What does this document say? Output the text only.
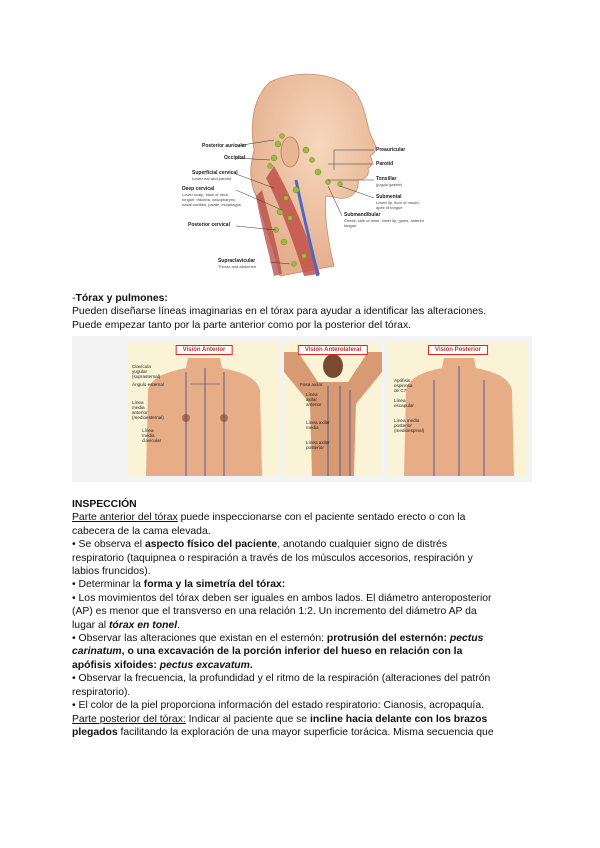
Posterior auricular
Occipital
Superficial cervical
Lower ear and parotid
Deep cervical
Lower scalp, back of neck,
tongue, trachea, nasopharynx,
nasal cavities, palate, esophagus
Posterior cervical
Supraclavicular
Thorax and abdomen
Preauricular
Parotid
Tonsillar
(jugulo gastric)
Submental
Lower lip, floor of mouth, apex of tongue
Submandibular
Cheek, side of nose, lower lip, gums, anterior tongue
-Tórax y pulmones:
Pueden diseñarse líneas imaginarias en el tórax para ayudar a identificar las alteraciones.
Puede empezar tanto por la parte anterior como por la posterior del tórax.
Visión Anterior
Clavícula
yugular
(suprasternal)
Ángulo esternal
Línea
media
anterior
(medioesternal)
Línea
media
clavicular
Visión Anterolateral
Fosa axilar
Línea
axilar
anterior
Línea axilar
media
Línea axilar
posterior
Visión Posterior
Apófisis
espinosa
de C7
Línea
escapular
Línea media
posterior
(medioespinal)
INSPECCIÓN
Parte anterior del tórax puede inspeccionarse con el paciente sentado erecto o con la
cabecera de la cama elevada.
• Se observa el aspecto físico del paciente, anotando cualquier signo de distrés
respiratorio (taquipnea o respiración a través de los músculos accesorios, respiración y
labios fruncidos).
• Determinar la forma y la simetría del tórax:
• Los movimientos del tórax deben ser iguales en ambos lados. El diámetro anteroposterior
(AP) es menor que el transverso en una relación 1:2. Un incremento del diámetro AP da
lugar al tórax en tonel.
• Observar las alteraciones que existan en el esternón: protrusión del esternón: pectus
carinatum, o una excavación de la porción inferior del hueso en relación con la
apófisis xifoides: pectus excavatum.
• Observar la frecuencia, la profundidad y el ritmo de la respiración (alteraciones del patrón
respiratorio).
• El color de la piel proporciona información del estado respiratorio: Cianosis, acropaquía.
Parte posterior del tórax: Indicar al paciente que se incline hacia delante con los brazos
plegados facilitando la exploración de una mayor superficie torácica. Misma secuencia que
